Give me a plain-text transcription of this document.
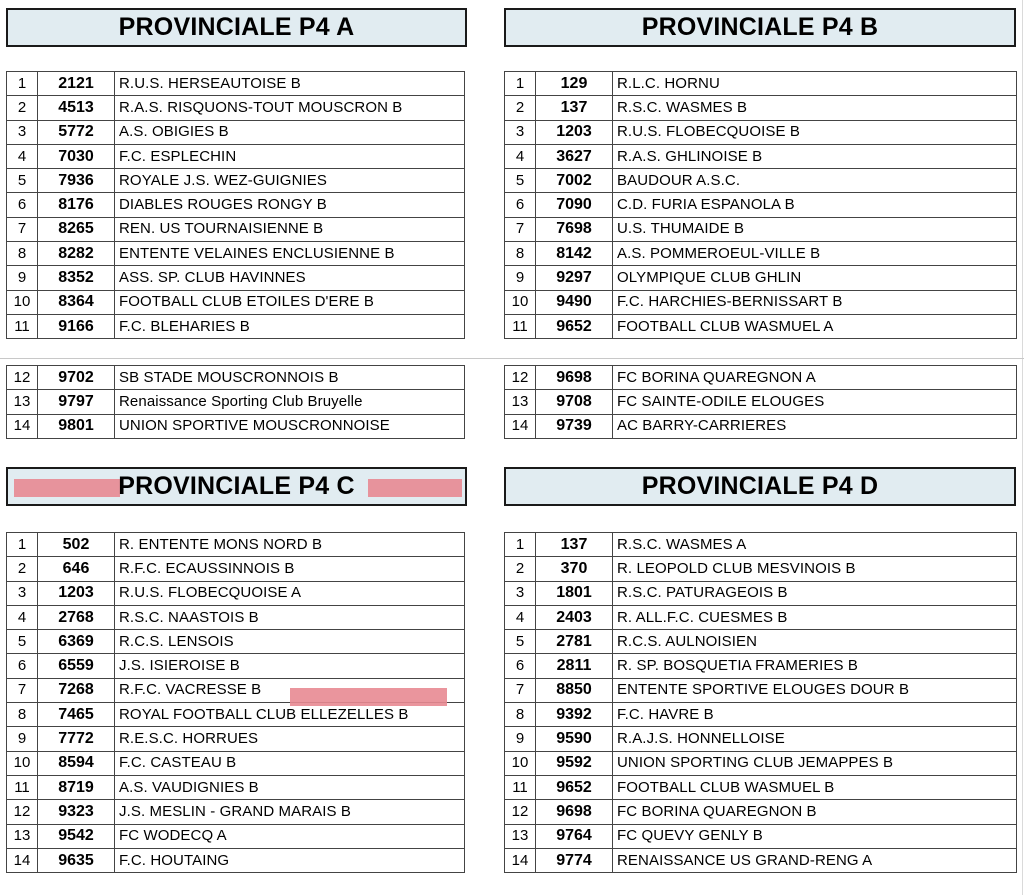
PROVINCIALE P4 A	PROVINCIALE P4 B
PROVINCIALE P4 C	PROVINCIALE P4 D
1	2121	R.U.S. HERSEAUTOISE B
2	4513	R.A.S. RISQUONS-TOUT MOUSCRON B
3	5772	A.S. OBIGIES B
4	7030	F.C. ESPLECHIN
5	7936	ROYALE J.S. WEZ-GUIGNIES
6	8176	DIABLES ROUGES RONGY B
7	8265	REN. US TOURNAISIENNE B
8	8282	ENTENTE VELAINES ENCLUSIENNE B
9	8352	ASS. SP. CLUB HAVINNES
10	8364	FOOTBALL CLUB ETOILES D'ERE B
11	9166	F.C. BLEHARIES B
12	9702	SB STADE MOUSCRONNOIS B
13	9797	Renaissance Sporting Club Bruyelle
14	9801	UNION SPORTIVE MOUSCRONNOISE
1	129	R.L.C. HORNU
2	137	R.S.C. WASMES B
3	1203	R.U.S. FLOBECQUOISE B
4	3627	R.A.S. GHLINOISE B
5	7002	BAUDOUR A.S.C.
6	7090	C.D. FURIA ESPANOLA B
7	7698	U.S. THUMAIDE B
8	8142	A.S. POMMEROEUL-VILLE B
9	9297	OLYMPIQUE CLUB GHLIN
10	9490	F.C. HARCHIES-BERNISSART B
11	9652	FOOTBALL CLUB WASMUEL A
12	9698	FC BORINA QUAREGNON A
13	9708	FC SAINTE-ODILE ELOUGES
14	9739	AC BARRY-CARRIERES
1	502	R. ENTENTE MONS NORD B
2	646	R.F.C. ECAUSSINNOIS B
3	1203	R.U.S. FLOBECQUOISE A
4	2768	R.S.C. NAASTOIS B
5	6369	R.C.S. LENSOIS
6	6559	J.S. ISIEROISE B
7	7268	R.F.C. VACRESSE B
8	7465	ROYAL FOOTBALL CLUB ELLEZELLES B
9	7772	R.E.S.C. HORRUES
10	8594	F.C. CASTEAU B
11	8719	A.S. VAUDIGNIES B
12	9323	J.S. MESLIN - GRAND MARAIS B
13	9542	FC WODECQ A
14	9635	F.C. HOUTAING
1	137	R.S.C. WASMES A
2	370	R. LEOPOLD CLUB MESVINOIS B
3	1801	R.S.C. PATURAGEOIS B
4	2403	R. ALL.F.C. CUESMES B
5	2781	R.C.S. AULNOISIEN
6	2811	R. SP. BOSQUETIA FRAMERIES B
7	8850	ENTENTE SPORTIVE ELOUGES DOUR B
8	9392	F.C. HAVRE B
9	9590	R.A.J.S. HONNELLOISE
10	9592	UNION SPORTING CLUB JEMAPPES B
11	9652	FOOTBALL CLUB WASMUEL B
12	9698	FC BORINA QUAREGNON B
13	9764	FC QUEVY GENLY B
14	9774	RENAISSANCE US GRAND-RENG A
